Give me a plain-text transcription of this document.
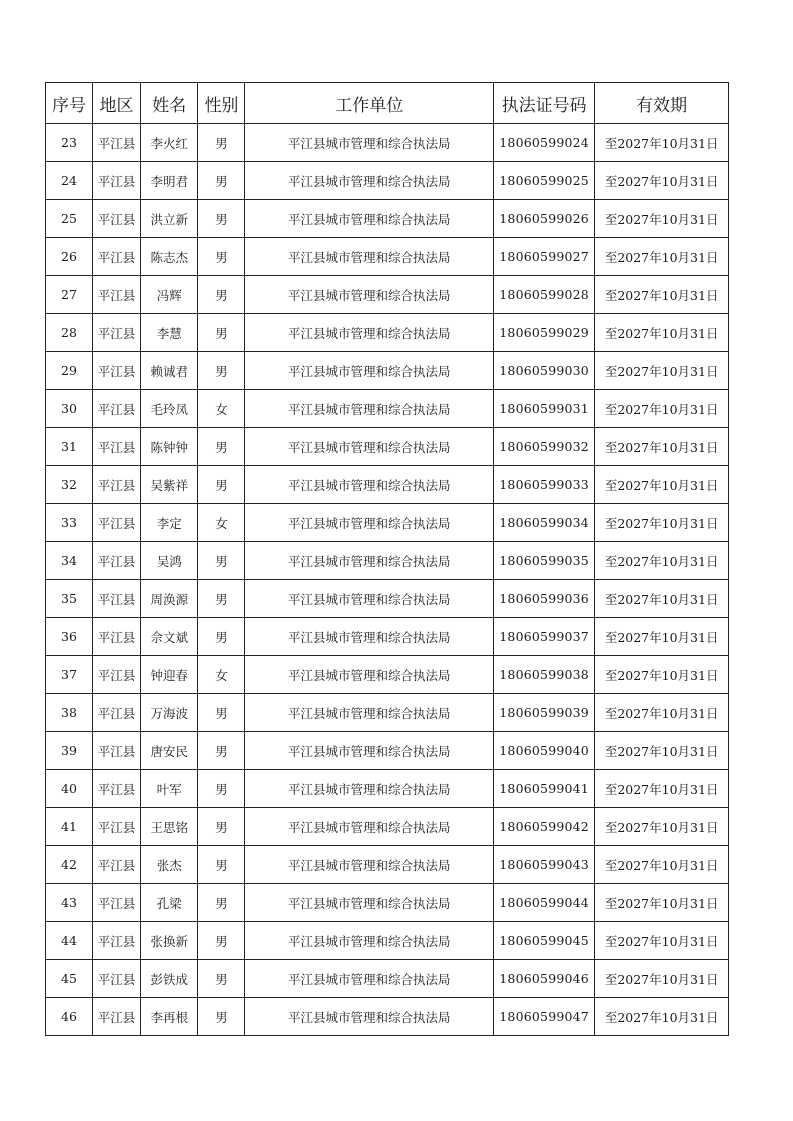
序号	地区	姓名	性别	工作单位	执法证号码	有效期
23	平江县	李火红	男	平江县城市管理和综合执法局	18060599024	至2027年10月31日
24	平江县	李明君	男	平江县城市管理和综合执法局	18060599025	至2027年10月31日
25	平江县	洪立新	男	平江县城市管理和综合执法局	18060599026	至2027年10月31日
26	平江县	陈志杰	男	平江县城市管理和综合执法局	18060599027	至2027年10月31日
27	平江县	冯辉	男	平江县城市管理和综合执法局	18060599028	至2027年10月31日
28	平江县	李慧	男	平江县城市管理和综合执法局	18060599029	至2027年10月31日
29	平江县	赖诚君	男	平江县城市管理和综合执法局	18060599030	至2027年10月31日
30	平江县	毛玲凤	女	平江县城市管理和综合执法局	18060599031	至2027年10月31日
31	平江县	陈钟钟	男	平江县城市管理和综合执法局	18060599032	至2027年10月31日
32	平江县	吴紫祥	男	平江县城市管理和综合执法局	18060599033	至2027年10月31日
33	平江县	李定	女	平江县城市管理和综合执法局	18060599034	至2027年10月31日
34	平江县	吴鸿	男	平江县城市管理和综合执法局	18060599035	至2027年10月31日
35	平江县	周涣源	男	平江县城市管理和综合执法局	18060599036	至2027年10月31日
36	平江县	佘文斌	男	平江县城市管理和综合执法局	18060599037	至2027年10月31日
37	平江县	钟迎春	女	平江县城市管理和综合执法局	18060599038	至2027年10月31日
38	平江县	万海波	男	平江县城市管理和综合执法局	18060599039	至2027年10月31日
39	平江县	唐安民	男	平江县城市管理和综合执法局	18060599040	至2027年10月31日
40	平江县	叶军	男	平江县城市管理和综合执法局	18060599041	至2027年10月31日
41	平江县	王思铭	男	平江县城市管理和综合执法局	18060599042	至2027年10月31日
42	平江县	张杰	男	平江县城市管理和综合执法局	18060599043	至2027年10月31日
43	平江县	孔梁	男	平江县城市管理和综合执法局	18060599044	至2027年10月31日
44	平江县	张换新	男	平江县城市管理和综合执法局	18060599045	至2027年10月31日
45	平江县	彭铁成	男	平江县城市管理和综合执法局	18060599046	至2027年10月31日
46	平江县	李再根	男	平江县城市管理和综合执法局	18060599047	至2027年10月31日
